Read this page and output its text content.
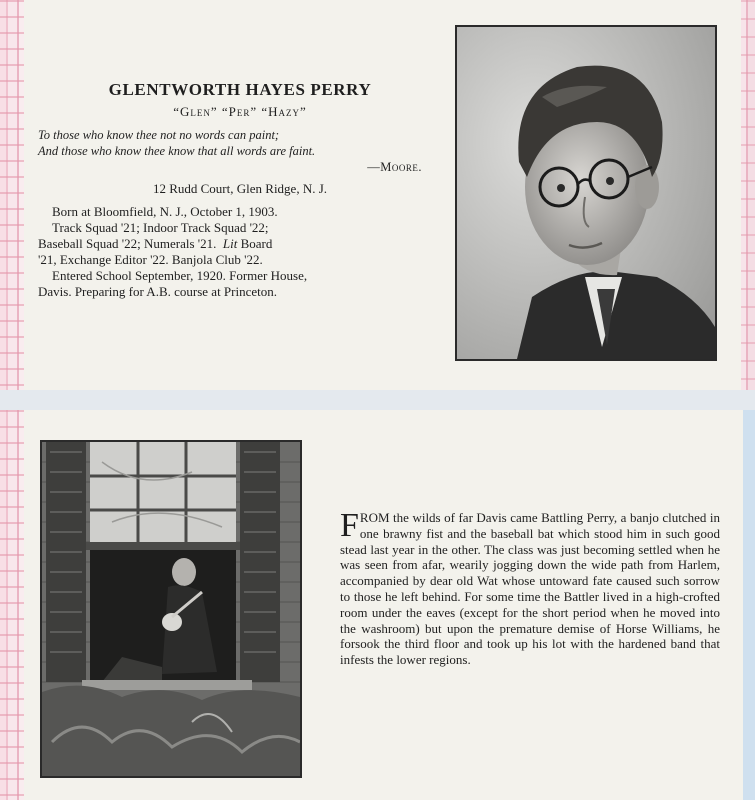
GLENTWORTH HAYES PERRY
“Glen” “Per” “Hazy”
To those who know thee not no words can paint;
And those who know thee know that all words are faint.
—Moore.
12 Rudd Court, Glen Ridge, N. J.
Born at Bloomfield, N. J., October 1, 1903.
Track Squad '21; Indoor Track Squad '22;
Baseball Squad '22; Numerals '21. Lit Board
'21, Exchange Editor '22. Banjola Club '22.
Entered School September, 1920. Former House,
Davis. Preparing for A.B. course at Princeton.
FROM the wilds of far Davis came Battling Perry, a banjo clutched in one brawny fist and the baseball bat which stood him in such good stead last year in the other. The class was just becoming settled when he was seen from afar, wearily jogging down the wide path from Harlem, accompanied by dear old Wat whose untoward fate caused such sorrow to those he left behind. For some time the Battler lived in a high-crofted room under the eaves (except for the short period when he moved into the washroom) but upon the premature demise of Horse Williams, he forsook the third floor and took up his lot with the hardened band that infests the lower regions.
